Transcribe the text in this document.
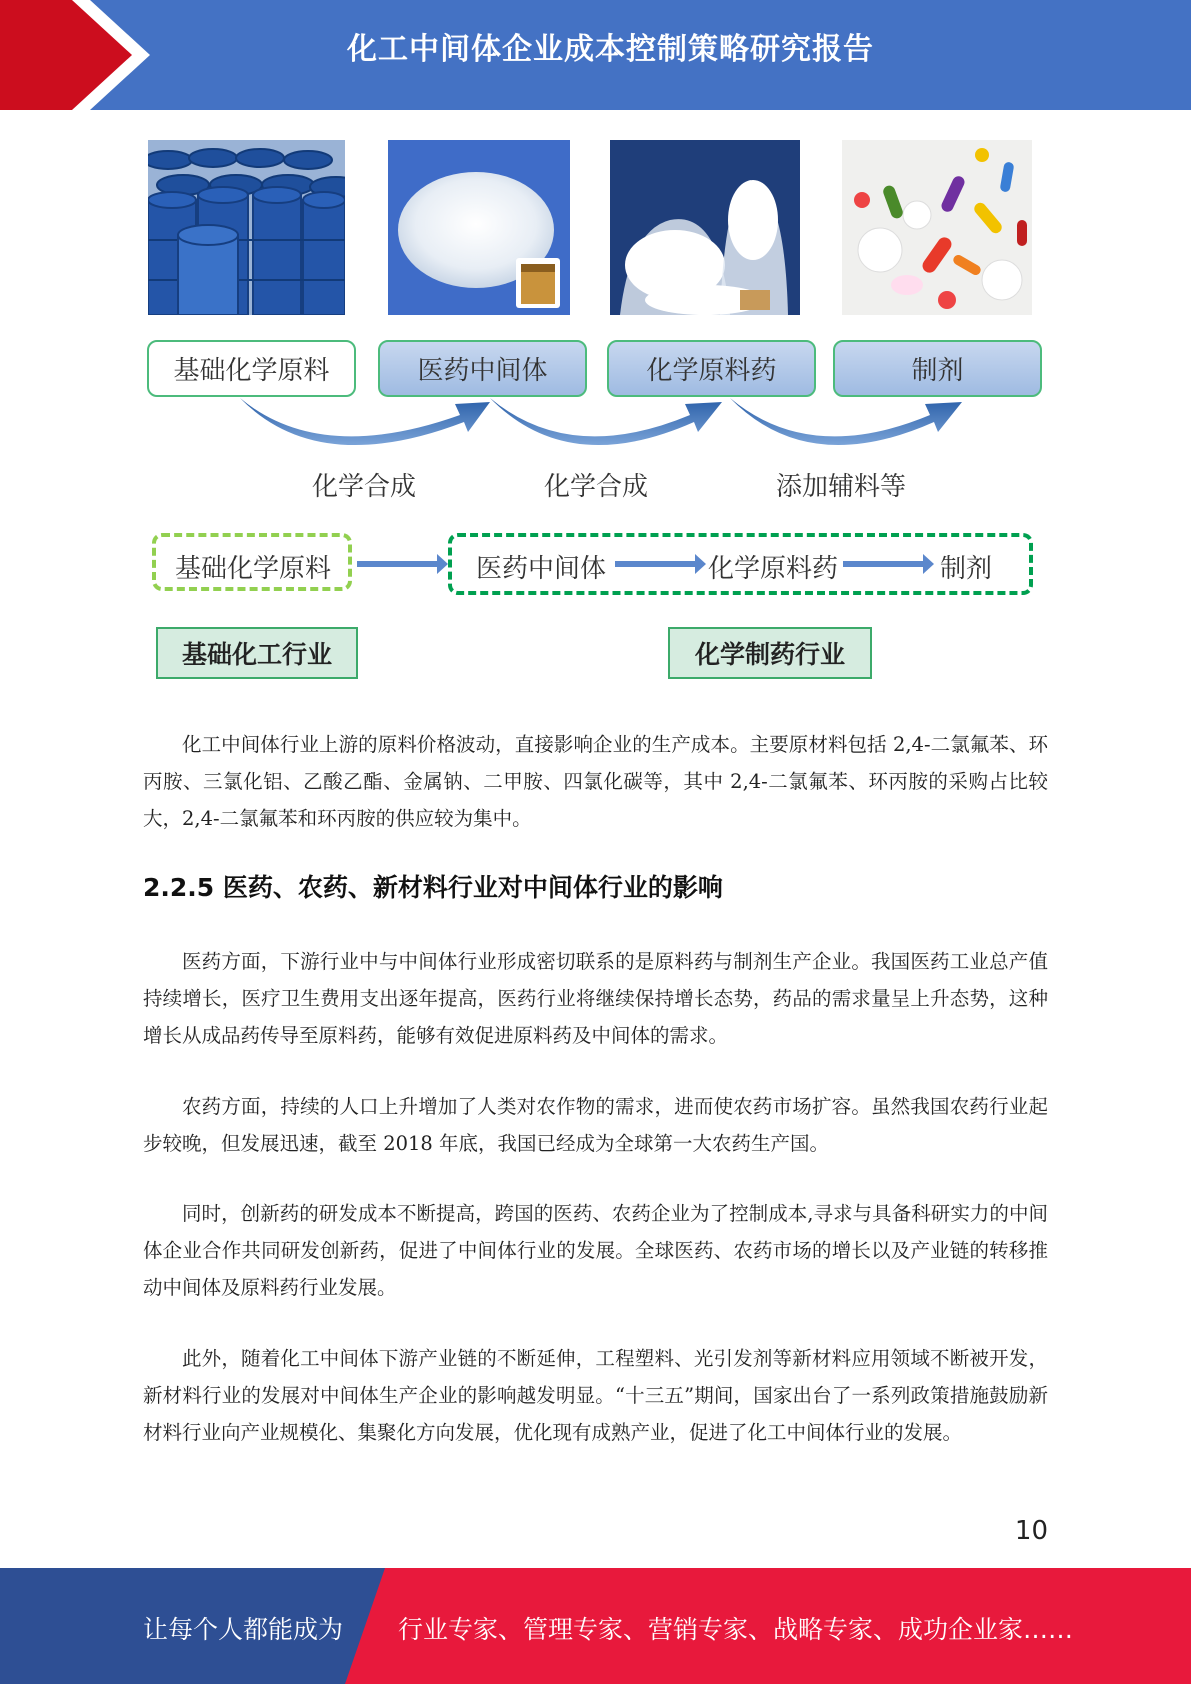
化工中间体企业成本控制策略研究报告
基础化学原料	医药中间体	化学原料药	制剂
化学合成	化学合成	添加辅料等
基础化学原料	医药中间体	化学原料药	制剂
基础化工行业	化学制药行业

化工中间体行业上游的原料价格波动，直接影响企业的生产成本。主要原材料包括 2,4-二氯氟苯、环丙胺、三氯化铝、乙酸乙酯、金属钠、二甲胺、四氯化碳等，其中 2,4-二氯氟苯、环丙胺的采购占比较大，2,4-二氯氟苯和环丙胺的供应较为集中。

2.2.5 医药、农药、新材料行业对中间体行业的影响

医药方面，下游行业中与中间体行业形成密切联系的是原料药与制剂生产企业。我国医药工业总产值持续增长，医疗卫生费用支出逐年提高，医药行业将继续保持增长态势，药品的需求量呈上升态势，这种增长从成品药传导至原料药，能够有效促进原料药及中间体的需求。

农药方面，持续的人口上升增加了人类对农作物的需求，进而使农药市场扩容。虽然我国农药行业起步较晚，但发展迅速，截至 2018 年底，我国已经成为全球第一大农药生产国。

同时，创新药的研发成本不断提高，跨国的医药、农药企业为了控制成本,寻求与具备科研实力的中间体企业合作共同研发创新药，促进了中间体行业的发展。全球医药、农药市场的增长以及产业链的转移推动中间体及原料药行业发展。

此外，随着化工中间体下游产业链的不断延伸，工程塑料、光引发剂等新材料应用领域不断被开发，新材料行业的发展对中间体生产企业的影响越发明显。“十三五”期间，国家出台了一系列政策措施鼓励新材料行业向产业规模化、集聚化方向发展，优化现有成熟产业，促进了化工中间体行业的发展。

10
让每个人都能成为 行业专家、管理专家、营销专家、战略专家、成功企业家……
